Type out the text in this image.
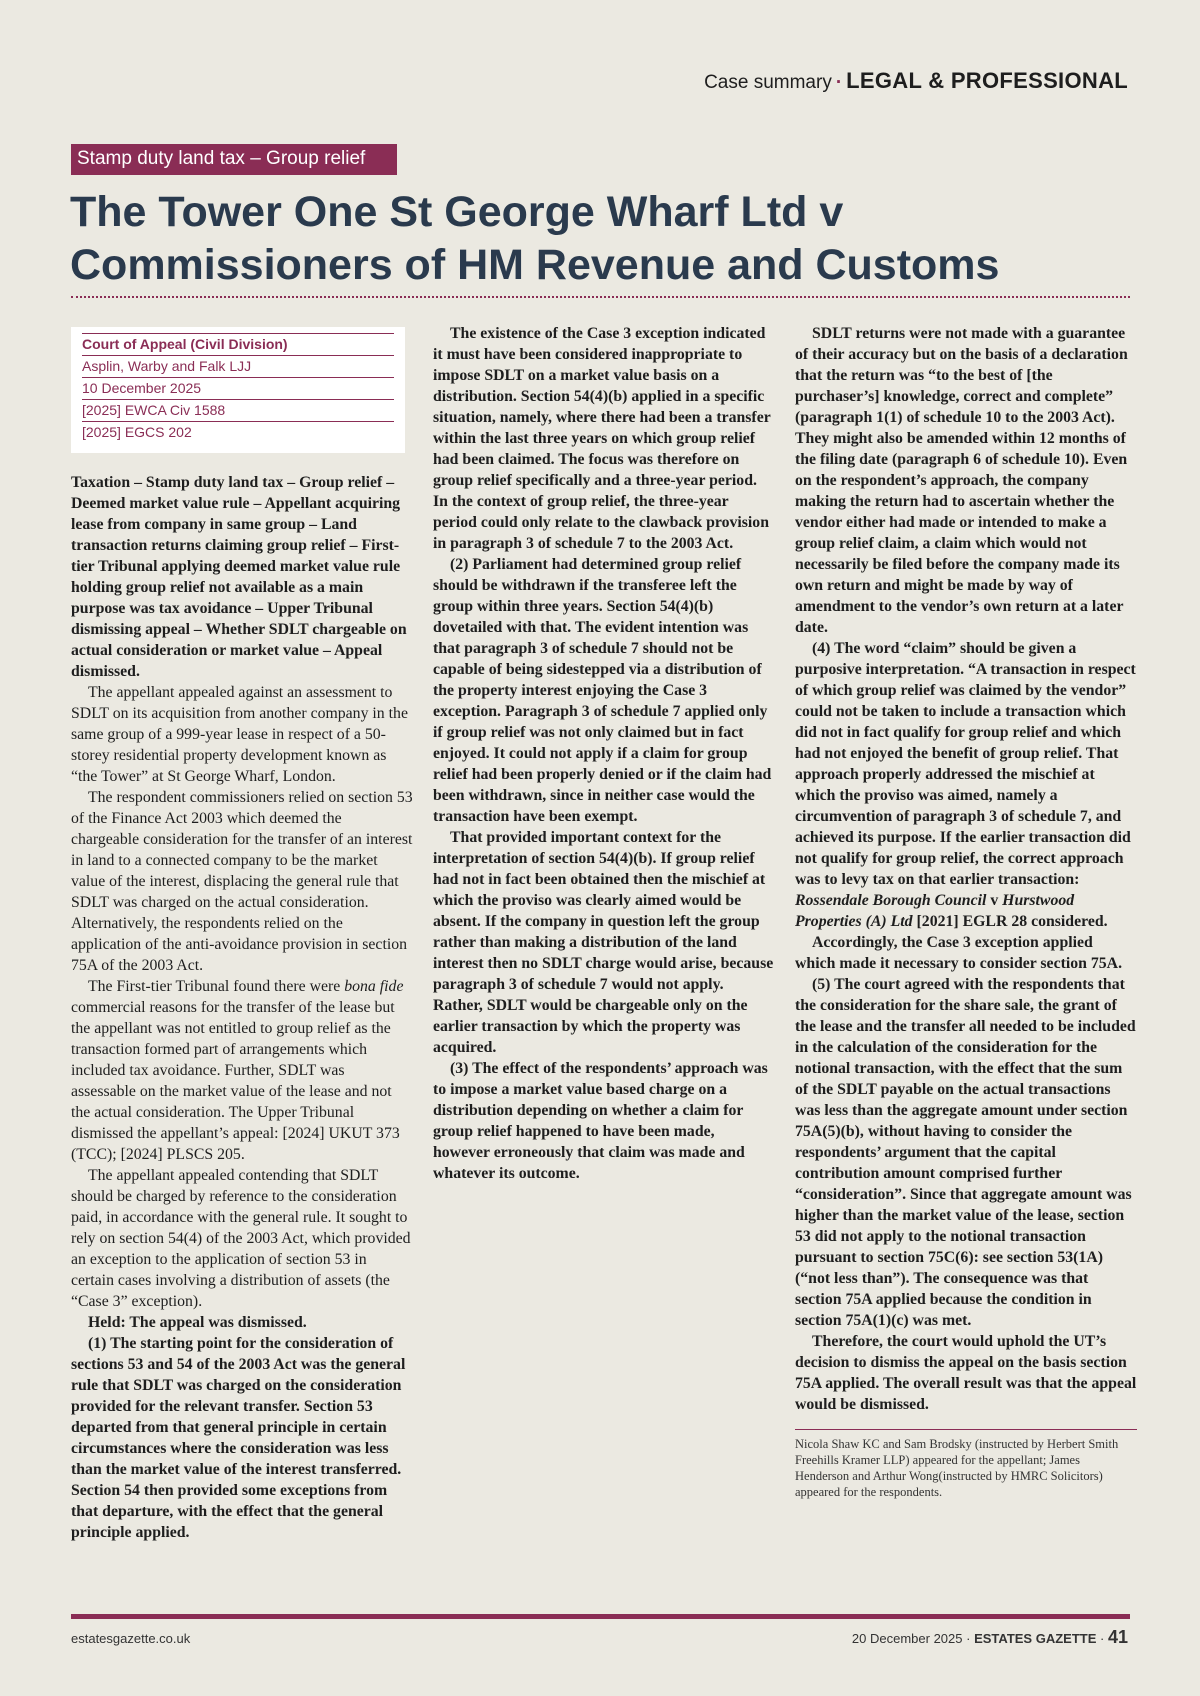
Case summary · LEGAL & PROFESSIONAL
Stamp duty land tax – Group relief
The Tower One St George Wharf Ltd v Commissioners of HM Revenue and Customs
Court of Appeal (Civil Division)
Asplin, Warby and Falk LJJ
10 December 2025
[2025] EWCA Civ 1588
[2025] EGCS 202

Taxation – Stamp duty land tax – Group relief – Deemed market value rule – Appellant acquiring lease from company in same group – Land transaction returns claiming group relief – First-tier Tribunal applying deemed market value rule holding group relief not available as a main purpose was tax avoidance – Upper Tribunal dismissing appeal – Whether SDLT chargeable on actual consideration or market value – Appeal dismissed.

The appellant appealed against an assessment to SDLT on its acquisition from another company in the same group of a 999-year lease in respect of a 50-storey residential property development known as “the Tower” at St George Wharf, London.

The respondent commissioners relied on section 53 of the Finance Act 2003 which deemed the chargeable consideration for the transfer of an interest in land to a connected company to be the market value of the interest, displacing the general rule that SDLT was charged on the actual consideration. Alternatively, the respondents relied on the application of the anti-avoidance provision in section 75A of the 2003 Act.

The First-tier Tribunal found there were bona fide commercial reasons for the transfer of the lease but the appellant was not entitled to group relief as the transaction formed part of arrangements which included tax avoidance. Further, SDLT was assessable on the market value of the lease and not the actual consideration. The Upper Tribunal dismissed the appellant’s appeal: [2024] UKUT 373 (TCC); [2024] PLSCS 205.

The appellant appealed contending that SDLT should be charged by reference to the consideration paid, in accordance with the general rule. It sought to rely on section 54(4) of the 2003 Act, which provided an exception to the application of section 53 in certain cases involving a distribution of assets (the “Case 3” exception).

Held: The appeal was dismissed.

(1) The starting point for the consideration of sections 53 and 54 of the 2003 Act was the general rule that SDLT was charged on the consideration provided for the relevant transfer. Section 53 departed from that general principle in certain circumstances where the consideration was less than the market value of the interest transferred. Section 54 then provided some exceptions from that departure, with the effect that the general principle applied.

The existence of the Case 3 exception indicated it must have been considered inappropriate to impose SDLT on a market value basis on a distribution. Section 54(4)(b) applied in a specific situation, namely, where there had been a transfer within the last three years on which group relief had been claimed. The focus was therefore on group relief specifically and a three-year period. In the context of group relief, the three-year period could only relate to the clawback provision in paragraph 3 of schedule 7 to the 2003 Act.

(2) Parliament had determined group relief should be withdrawn if the transferee left the group within three years. Section 54(4)(b) dovetailed with that. The evident intention was that paragraph 3 of schedule 7 should not be capable of being sidestepped via a distribution of the property interest enjoying the Case 3 exception. Paragraph 3 of schedule 7 applied only if group relief was not only claimed but in fact enjoyed. It could not apply if a claim for group relief had been properly denied or if the claim had been withdrawn, since in neither case would the transaction have been exempt.

That provided important context for the interpretation of section 54(4)(b). If group relief had not in fact been obtained then the mischief at which the proviso was clearly aimed would be absent. If the company in question left the group rather than making a distribution of the land interest then no SDLT charge would arise, because paragraph 3 of schedule 7 would not apply. Rather, SDLT would be chargeable only on the earlier transaction by which the property was acquired.

(3) The effect of the respondents’ approach was to impose a market value based charge on a distribution depending on whether a claim for group relief happened to have been made, however erroneously that claim was made and whatever its outcome.

SDLT returns were not made with a guarantee of their accuracy but on the basis of a declaration that the return was “to the best of [the purchaser’s] knowledge, correct and complete” (paragraph 1(1) of schedule 10 to the 2003 Act). They might also be amended within 12 months of the filing date (paragraph 6 of schedule 10). Even on the respondent’s approach, the company making the return had to ascertain whether the vendor either had made or intended to make a group relief claim, a claim which would not necessarily be filed before the company made its own return and might be made by way of amendment to the vendor’s own return at a later date.

(4) The word “claim” should be given a purposive interpretation. “A transaction in respect of which group relief was claimed by the vendor” could not be taken to include a transaction which did not in fact qualify for group relief and which had not enjoyed the benefit of group relief. That approach properly addressed the mischief at which the proviso was aimed, namely a circumvention of paragraph 3 of schedule 7, and achieved its purpose. If the earlier transaction did not qualify for group relief, the correct approach was to levy tax on that earlier transaction: Rossendale Borough Council v Hurstwood Properties (A) Ltd [2021] EGLR 28 considered.

Accordingly, the Case 3 exception applied which made it necessary to consider section 75A.

(5) The court agreed with the respondents that the consideration for the share sale, the grant of the lease and the transfer all needed to be included in the calculation of the consideration for the notional transaction, with the effect that the sum of the SDLT payable on the actual transactions was less than the aggregate amount under section 75A(5)(b), without having to consider the respondents’ argument that the capital contribution amount comprised further “consideration”. Since that aggregate amount was higher than the market value of the lease, section 53 did not apply to the notional transaction pursuant to section 75C(6): see section 53(1A) (“not less than”). The consequence was that section 75A applied because the condition in section 75A(1)(c) was met.

Therefore, the court would uphold the UT’s decision to dismiss the appeal on the basis section 75A applied. The overall result was that the appeal would be dismissed.

Nicola Shaw KC and Sam Brodsky (instructed by Herbert Smith Freehills Kramer LLP) appeared for the appellant; James Henderson and Arthur Wong(instructed by HMRC Solicitors) appeared for the respondents.
estatesgazette.co.uk	20 December 2025 · ESTATES GAZETTE · 41
